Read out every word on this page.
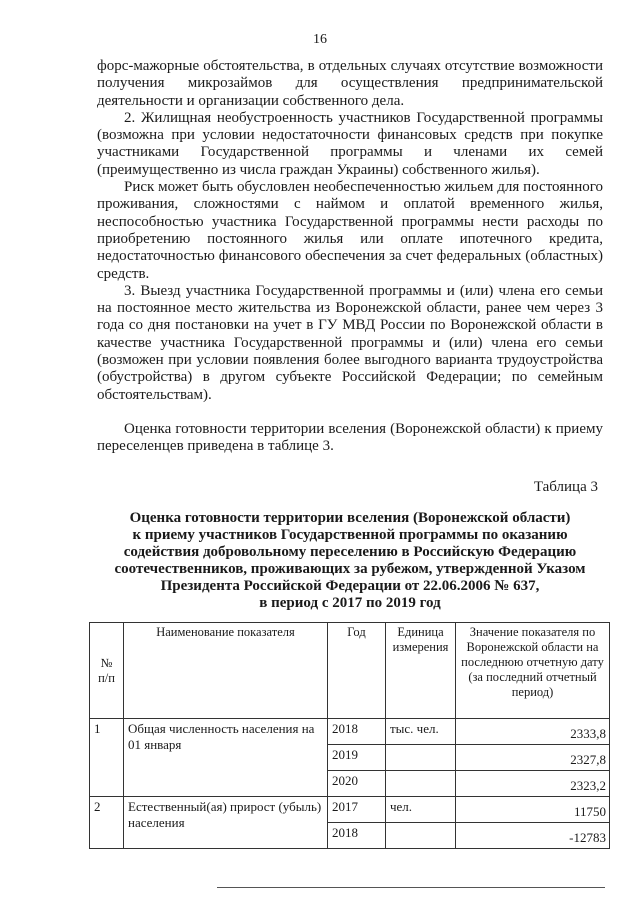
16

форс-мажорные обстоятельства, в отдельных случаях отсутствие возможности получения микрозаймов для осуществления предпринимательской деятельности и организации собственного дела.

2. Жилищная необустроенность участников Государственной программы (возможна при условии недостаточности финансовых средств при покупке участниками Государственной программы и членами их семей (преимущественно из числа граждан Украины) собственного жилья).

Риск может быть обусловлен необеспеченностью жильем для постоянного проживания, сложностями с наймом и оплатой временного жилья, неспособностью участника Государственной программы нести расходы по приобретению постоянного жилья или оплате ипотечного кредита, недостаточностью финансового обеспечения за счет федеральных (областных) средств.

3. Выезд участника Государственной программы и (или) члена его семьи на постоянное место жительства из Воронежской области, ранее чем через 3 года со дня постановки на учет в ГУ МВД России по Воронежской области в качестве участника Государственной программы и (или) члена его семьи (возможен при условии появления более выгодного варианта трудоустройства (обустройства) в другом субъекте Российской Федерации; по семейным обстоятельствам).

Оценка готовности территории вселения (Воронежской области) к приему переселенцев приведена в таблице 3.

Таблица 3
Оценка готовности территории вселения (Воронежской области)
к приему участников Государственной программы по оказанию
содействия добровольному переселению в Российскую Федерацию
соотечественников, проживающих за рубежом, утвержденной Указом
Президента Российской Федерации от 22.06.2006 № 637,
в период с 2017 по 2019 год
№ п/п	Наименование показателя	Год	Единица измерения	Значение показателя по Воронежской области на последнюю отчетную дату (за последний отчетный период)
1	Общая численность населения на 01 января	2018	тыс. чел.	2333,8
		2019		2327,8
		2020		2323,2
2	Естественный(ая) прирост (убыль) населения	2017	чел.	11750
		2018		-12783
